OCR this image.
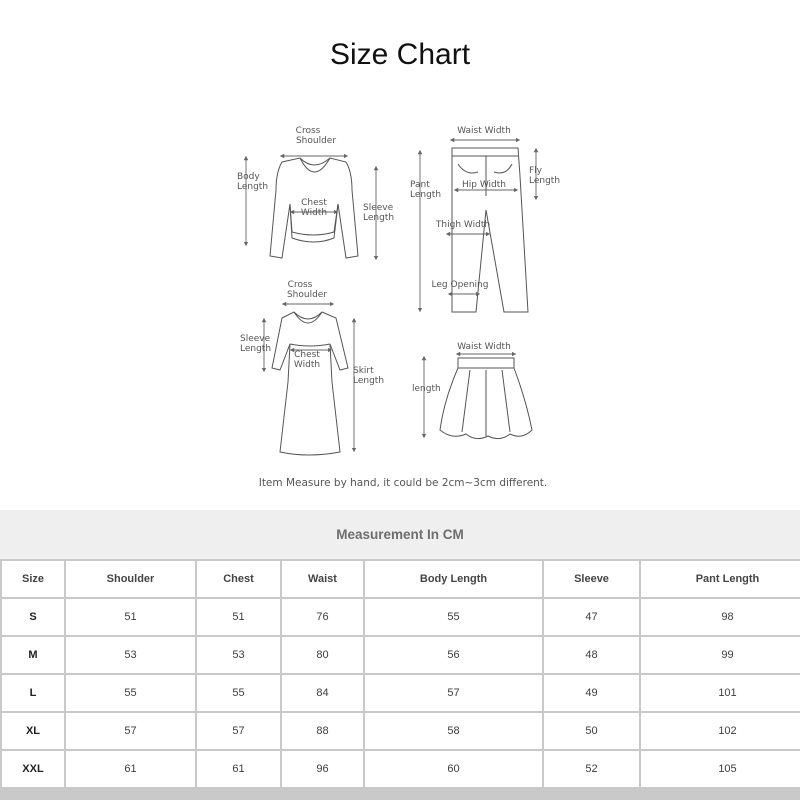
Size Chart
Cross
Shoulder
Body
Length
Chest
Width	Sleeve
Length
Waist Width
Pant
Length
Hip Width
Fly
Length
Thigh Width
Leg Opening
Cross
Shoulder
Sleeve
Length
Chest
Width
Skirt
Length
Waist Width
length
Item Measure by hand, it could be 2cm~3cm different.
Measurement In CM
Size	Shoulder	Chest	Waist	Body Length	Sleeve	Pant Length
S	51	51	76	55	47	98
M	53	53	80	56	48	99
L	55	55	84	57	49	101
XL	57	57	88	58	50	102
XXL	61	61	96	60	52	105
